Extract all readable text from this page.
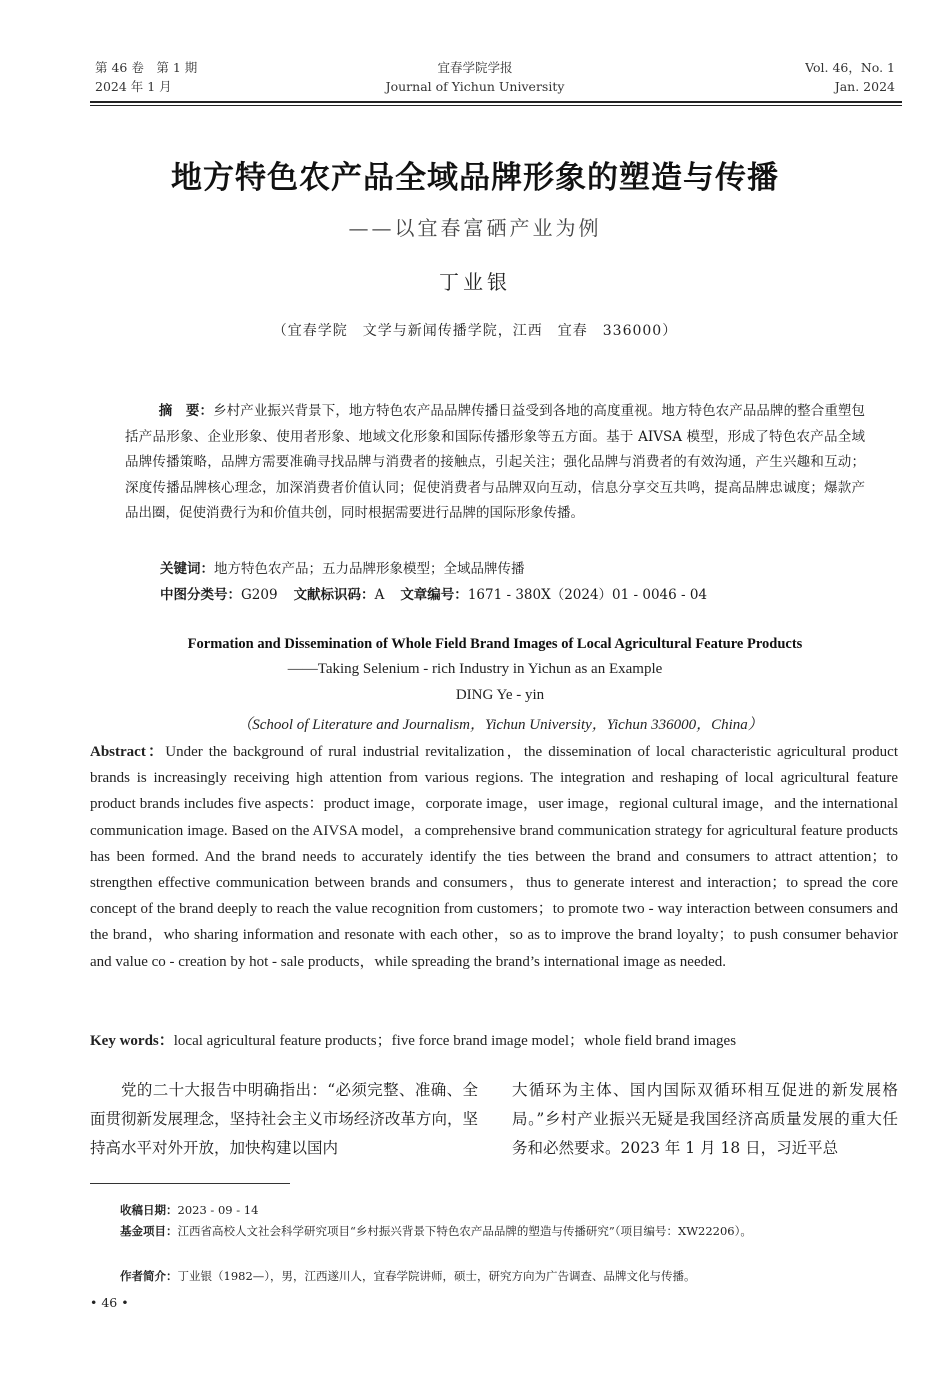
第 46 卷　第 1 期
2024 年 1 月
宜春学院学报
Journal of Yichun University
Vol. 46，No. 1
Jan. 2024
地方特色农产品全域品牌形象的塑造与传播
——以宜春富硒产业为例
丁业银
（宜春学院　文学与新闻传播学院，江西　宜春　336000）
摘　要：乡村产业振兴背景下，地方特色农产品品牌传播日益受到各地的高度重视。地方特色农产品品牌的整合重塑包括产品形象、企业形象、使用者形象、地域文化形象和国际传播形象等五方面。基于 AIVSA 模型，形成了特色农产品全域品牌传播策略，品牌方需要准确寻找品牌与消费者的接触点，引起关注；强化品牌与消费者的有效沟通，产生兴趣和互动；深度传播品牌核心理念，加深消费者价值认同；促使消费者与品牌双向互动，信息分享交互共鸣，提高品牌忠诚度；爆款产品出圈，促使消费行为和价值共创，同时根据需要进行品牌的国际形象传播。
关键词：地方特色农产品；五力品牌形象模型；全域品牌传播
中图分类号：G209 文献标识码：A 文章编号：1671 - 380X（2024）01 - 0046 - 04
Formation and Dissemination of Whole Field Brand Images of Local Agricultural Feature Products
——Taking Selenium - rich Industry in Yichun as an Example
DING Ye - yin
（School of Literature and Journalism，Yichun University，Yichun 336000，China）
Abstract：Under the background of rural industrial revitalization，the dissemination of local characteristic agricultural product brands is increasingly receiving high attention from various regions. The integration and reshaping of local agricultural feature product brands includes five aspects：product image，corporate image，user image，regional cultural image，and the international communication image. Based on the AIVSA model，a comprehensive brand communication strategy for agricultural feature products has been formed. And the brand needs to accurately identify the ties between the brand and consumers to attract attention；to strengthen effective communication between brands and consumers，thus to generate interest and interaction；to spread the core concept of the brand deeply to reach the value recognition from customers；to promote two - way interaction between consumers and the brand，who sharing information and resonate with each other，so as to improve the brand loyalty；to push consumer behavior and value co - creation by hot - sale products，while spreading the brand’s international image as needed.
Key words：local agricultural feature products；five force brand image model；whole field brand images
党的二十大报告中明确指出：“必须完整、准确、全面贯彻新发展理念，坚持社会主义市场经济改革方向，坚持高水平对外开放，加快构建以国内
大循环为主体、国内国际双循环相互促进的新发展格局。”乡村产业振兴无疑是我国经济高质量发展的重大任务和必然要求。2023 年 1 月 18 日，习近平总
收稿日期：2023 - 09 - 14
基金项目：江西省高校人文社会科学研究项目“乡村振兴背景下特色农产品品牌的塑造与传播研究”（项目编号：XW22206）。
作者简介：丁业银（1982—），男，江西遂川人，宜春学院讲师，硕士，研究方向为广告调查、品牌文化与传播。
• 46 •
